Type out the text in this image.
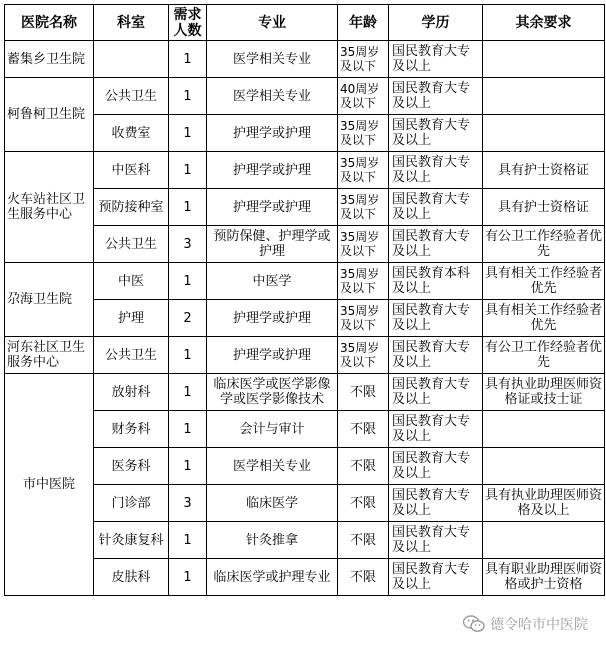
医院名称	科室	需求人数	专业	年龄	学历	其余要求
蓄集乡卫生院		1	医学相关专业	35周岁及以下	国民教育大专及以上	
柯鲁柯卫生院	公共卫生	1	医学相关专业	40周岁及以下	国民教育大专及以上	
	收费室	1	护理学或护理	35周岁及以下	国民教育大专及以上	
火车站社区卫生服务中心	中医科	1	护理学或护理	35周岁及以下	国民教育大专及以上	具有护士资格证
	预防接种室	1	护理学或护理	35周岁及以下	国民教育大专及以上	具有护士资格证
	公共卫生	3	预防保健、护理学或护理	35周岁及以下	国民教育大专及以上	有公卫工作经验者优先
尕海卫生院	中医	1	中医学	35周岁及以下	国民教育本科及以上	具有相关工作经验者优先
	护理	2	护理学或护理	35周岁及以下	国民教育大专及以上	具有相关工作经验者优先
河东社区卫生服务中心	公共卫生	1	护理学或护理	35周岁及以下	国民教育大专及以上	有公卫工作经验者优先
市中医院	放射科	1	临床医学或医学影像学或医学影像技术	不限	国民教育大专及以上	具有执业助理医师资格证或技士证
	财务科	1	会计与审计	不限	国民教育大专及以上	
	医务科	1	医学相关专业	不限	国民教育大专及以上	
	门诊部	3	临床医学	不限	国民教育大专及以上	具有执业助理医师资格及以上
	针灸康复科	1	针灸推拿	不限	国民教育大专及以上	
	皮肤科	1	临床医学或护理专业	不限	国民教育大专及以上	具有职业助理医师资格或护士资格
德令哈市中医院
